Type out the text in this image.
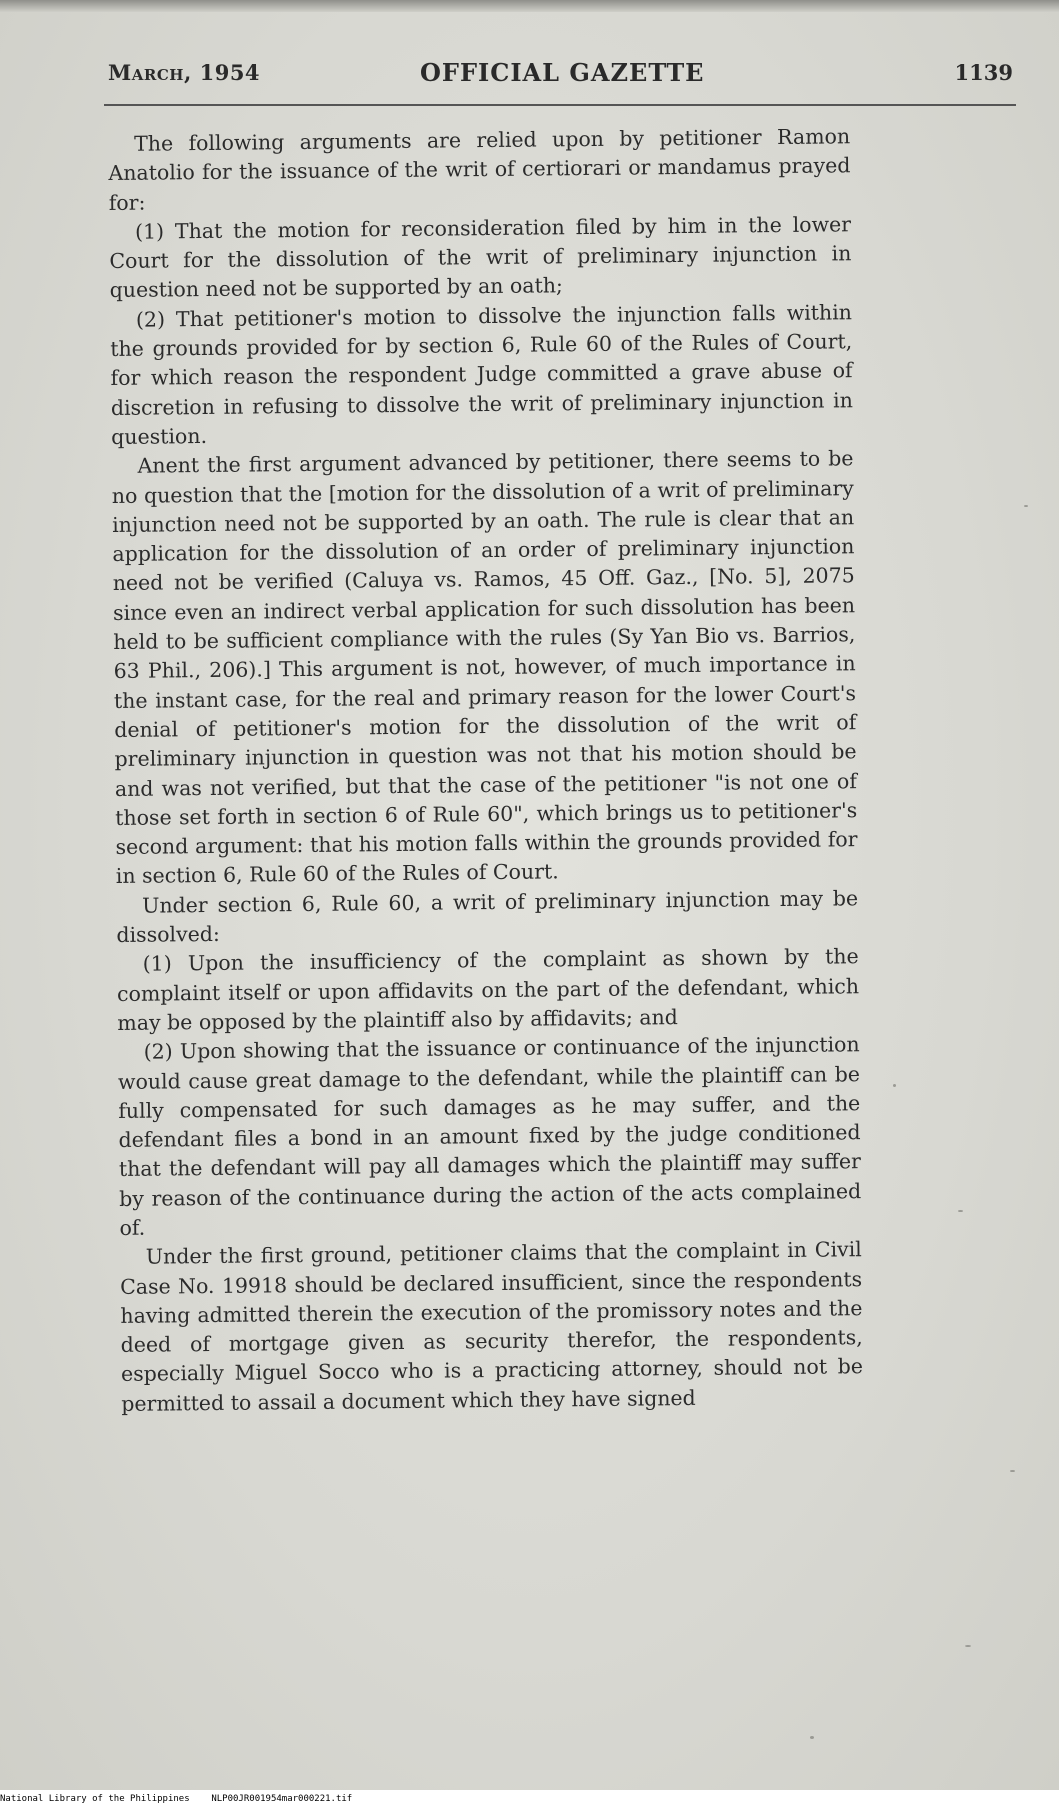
March, 1954	OFFICIAL GAZETTE	1139

The following arguments are relied upon by petitioner Ramon Anatolio for the issuance of the writ of certiorari or mandamus prayed for:

(1) That the motion for reconsideration filed by him in the lower Court for the dissolution of the writ of preliminary injunction in question need not be supported by an oath;

(2) That petitioner's motion to dissolve the injunction falls within the grounds provided for by section 6, Rule 60 of the Rules of Court, for which reason the respondent Judge committed a grave abuse of discretion in refusing to dissolve the writ of preliminary injunction in question.

Anent the first argument advanced by petitioner, there seems to be no question that the [motion for the dissolution of a writ of preliminary injunction need not be supported by an oath. The rule is clear that an application for the dissolution of an order of preliminary injunction need not be verified (Caluya vs. Ramos, 45 Off. Gaz., [No. 5], 2075 since even an indirect verbal application for such dissolution has been held to be sufficient compliance with the rules (Sy Yan Bio vs. Barrios, 63 Phil., 206).] This argument is not, however, of much importance in the instant case, for the real and primary reason for the lower Court's denial of petitioner's motion for the dissolution of the writ of preliminary injunction in question was not that his motion should be and was not verified, but that the case of the petitioner "is not one of those set forth in section 6 of Rule 60", which brings us to petitioner's second argument: that his motion falls within the grounds provided for in section 6, Rule 60 of the Rules of Court.

Under section 6, Rule 60, a writ of preliminary injunction may be dissolved:

(1) Upon the insufficiency of the complaint as shown by the complaint itself or upon affidavits on the part of the defendant, which may be opposed by the plaintiff also by affidavits; and

(2) Upon showing that the issuance or continuance of the injunction would cause great damage to the defendant, while the plaintiff can be fully compensated for such damages as he may suffer, and the defendant files a bond in an amount fixed by the judge conditioned that the defendant will pay all damages which the plaintiff may suffer by reason of the continuance during the action of the acts complained of.

Under the first ground, petitioner claims that the complaint in Civil Case No. 19918 should be declared insufficient, since the respondents having admitted therein the execution of the promissory notes and the deed of mortgage given as security therefor, the respondents, especially Miguel Socco who is a practicing attorney, should not be permitted to assail a document which they have signed

National Library of the Philippines NLP00JR001954mar000221.tif
